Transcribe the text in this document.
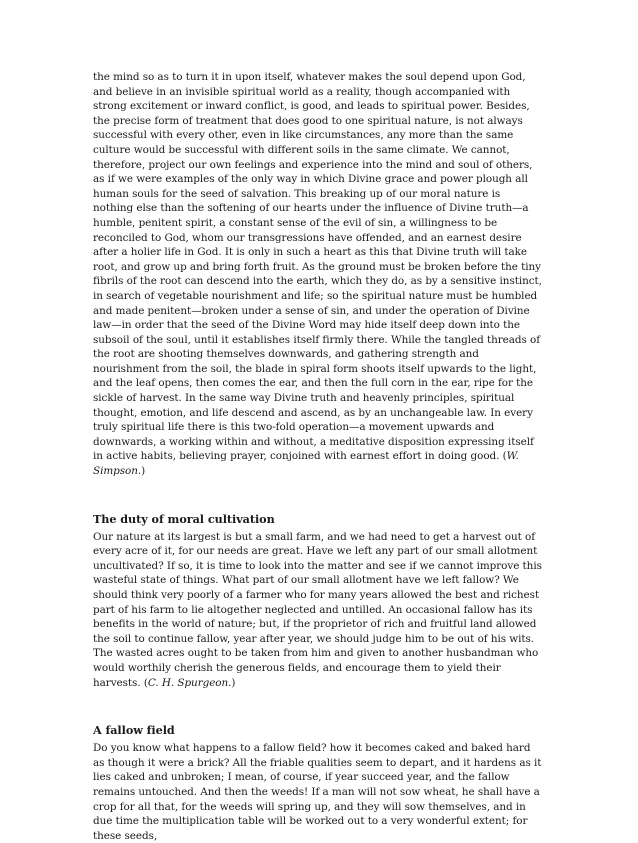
the mind so as to turn it in upon itself, whatever makes the soul depend upon God, and believe in an invisible spiritual world as a reality, though accompanied with strong excitement or inward conflict, is good, and leads to spiritual power. Besides, the precise form of treatment that does good to one spiritual nature, is not always successful with every other, even in like circumstances, any more than the same culture would be successful with different soils in the same climate. We cannot, therefore, project our own feelings and experience into the mind and soul of others, as if we were examples of the only way in which Divine grace and power plough all human souls for the seed of salvation. This breaking up of our moral nature is nothing else than the softening of our hearts under the influence of Divine truth—a humble, penitent spirit, a constant sense of the evil of sin, a willingness to be reconciled to God, whom our transgressions have offended, and an earnest desire after a holier life in God. It is only in such a heart as this that Divine truth will take root, and grow up and bring forth fruit. As the ground must be broken before the tiny fibrils of the root can descend into the earth, which they do, as by a sensitive instinct, in search of vegetable nourishment and life; so the spiritual nature must be humbled and made penitent—broken under a sense of sin, and under the operation of Divine law—in order that the seed of the Divine Word may hide itself deep down into the subsoil of the soul, until it establishes itself firmly there. While the tangled threads of the root are shooting themselves downwards, and gathering strength and nourishment from the soil, the blade in spiral form shoots itself upwards to the light, and the leaf opens, then comes the ear, and then the full corn in the ear, ripe for the sickle of harvest. In the same way Divine truth and heavenly principles, spiritual thought, emotion, and life descend and ascend, as by an unchangeable law. In every truly spiritual life there is this two-fold operation—a movement upwards and downwards, a working within and without, a meditative disposition expressing itself in active habits, believing prayer, conjoined with earnest effort in doing good. (W. Simpson.)

The duty of moral cultivation

Our nature at its largest is but a small farm, and we had need to get a harvest out of every acre of it, for our needs are great. Have we left any part of our small allotment uncultivated? If so, it is time to look into the matter and see if we cannot improve this wasteful state of things. What part of our small allotment have we left fallow? We should think very poorly of a farmer who for many years allowed the best and richest part of his farm to lie altogether neglected and untilled. An occasional fallow has its benefits in the world of nature; but, if the proprietor of rich and fruitful land allowed the soil to continue fallow, year after year, we should judge him to be out of his wits. The wasted acres ought to be taken from him and given to another husbandman who would worthily cherish the generous fields, and encourage them to yield their harvests. (C. H. Spurgeon.)

A fallow field

Do you know what happens to a fallow field? how it becomes caked and baked hard as though it were a brick? All the friable qualities seem to depart, and it hardens as it lies caked and unbroken; I mean, of course, if year succeed year, and the fallow remains untouched. And then the weeds! If a man will not sow wheat, he shall have a crop for all that, for the weeds will spring up, and they will sow themselves, and in due time the multiplication table will be worked out to a very wonderful extent; for these seeds,
